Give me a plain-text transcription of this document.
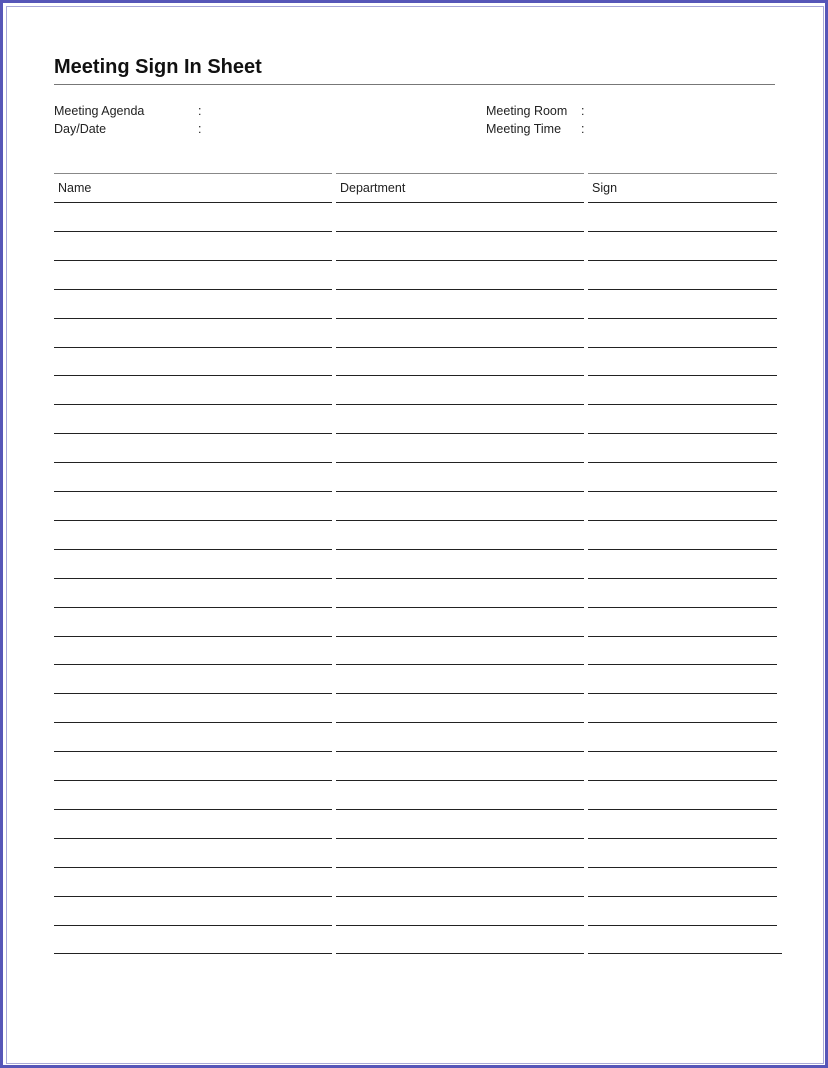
Meeting Sign In Sheet
Meeting Agenda	:
Day/Date	:
Meeting Room :
Meeting Time :
Name	Department	Sign
